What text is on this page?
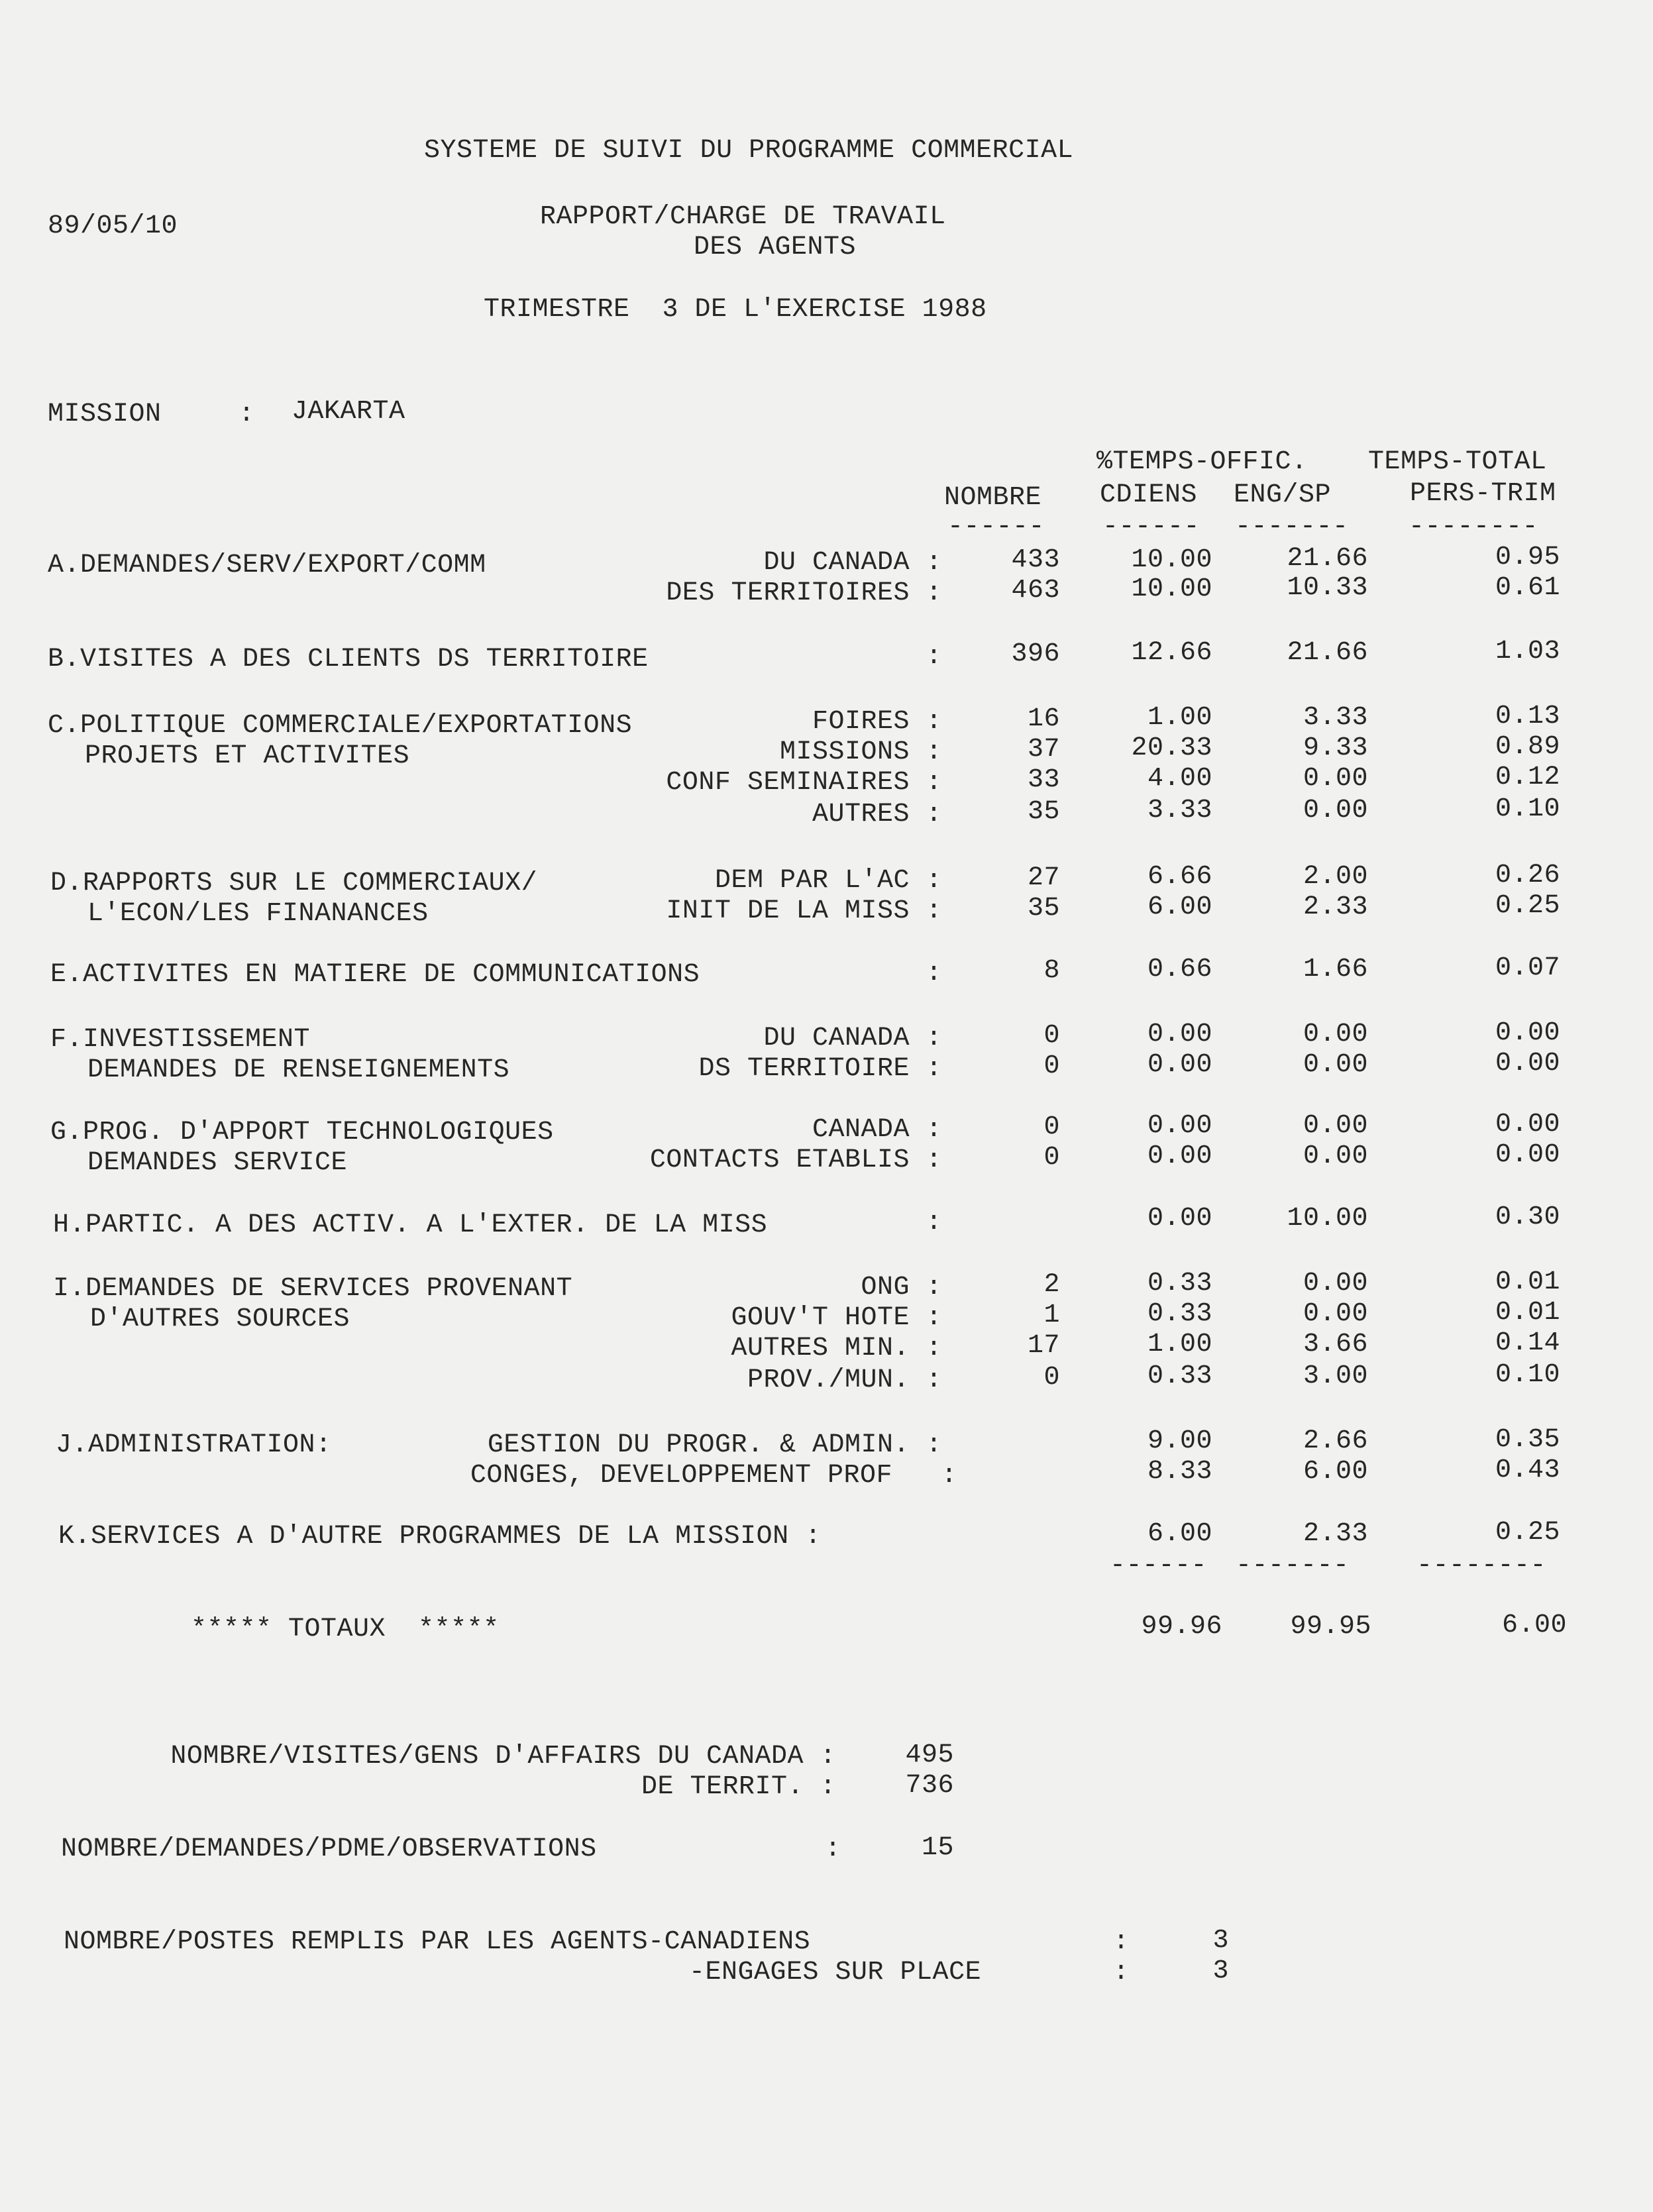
SYSTEME DE SUIVI DU PROGRAMME COMMERCIAL
89/05/10	RAPPORT/CHARGE DE TRAVAIL
DES AGENTS
TRIMESTRE  3 DE L'EXERCISE 1988
MISSION	: JAKARTA
%TEMPS-OFFIC. TEMPS-TOTAL
NOMBRE CDIENS ENG/SP	PERS-TRIM
------ ------ ------- --------
A.DEMANDES/SERV/EXPORT/COMM	DU CANADA :	433	10.00	21.66	0.95
DES TERRITOIRES :	463	10.00	10.33	0.61
B.VISITES A DES CLIENTS DS TERRITOIRE	:	396	12.66	21.66	1.03
C.POLITIQUE COMMERCIALE/EXPORTATIONS
PROJETS ET ACTIVITES
FOIRES :	16	1.00	3.33	0.13
MISSIONS :	37	20.33	9.33	0.89
CONF SEMINAIRES :	33	4.00	0.00	0.12
AUTRES :	35	3.33	0.00	0.10
D.RAPPORTS SUR LE COMMERCIAUX/
L'ECON/LES FINANANCES
DEM PAR L'AC :	27	6.66	2.00	0.26
INIT DE LA MISS :	35	6.00	2.33	0.25
E.ACTIVITES EN MATIERE DE COMMUNICATIONS	:	8	0.66	1.66	0.07
F.INVESTISSEMENT
DEMANDES DE RENSEIGNEMENTS
DU CANADA :	0	0.00	0.00	0.00
DS TERRITOIRE :	0	0.00	0.00	0.00
G.PROG. D'APPORT TECHNOLOGIQUES
DEMANDES SERVICE
CANADA :	0	0.00	0.00	0.00
CONTACTS ETABLIS :	0	0.00	0.00	0.00
H.PARTIC. A DES ACTIV. A L'EXTER. DE LA MISS	:	0.00	10.00	0.30
I.DEMANDES DE SERVICES PROVENANT
D'AUTRES SOURCES
ONG :	2	0.33	0.00	0.01
GOUV'T HOTE :	1	0.33	0.00	0.01
AUTRES MIN. :	17	1.00	3.66	0.14
PROV./MUN. :	0	0.33	3.00	0.10
J.ADMINISTRATION:	GESTION DU PROGR. & ADMIN. :	9.00	2.66	0.35
CONGES, DEVELOPPEMENT PROF   :	8.33	6.00	0.43
K.SERVICES A D'AUTRE PROGRAMMES DE LA MISSION :	6.00	2.33	0.25
------ -------	--------
***** TOTAUX  *****	99.96	99.95	6.00
NOMBRE/VISITES/GENS D'AFFAIRS DU CANADA :	495
DE TERRIT. :	736
NOMBRE/DEMANDES/PDME/OBSERVATIONS	:	15
NOMBRE/POSTES REMPLIS PAR LES AGENTS-CANADIENS	:	3
-ENGAGES SUR PLACE	:	3
